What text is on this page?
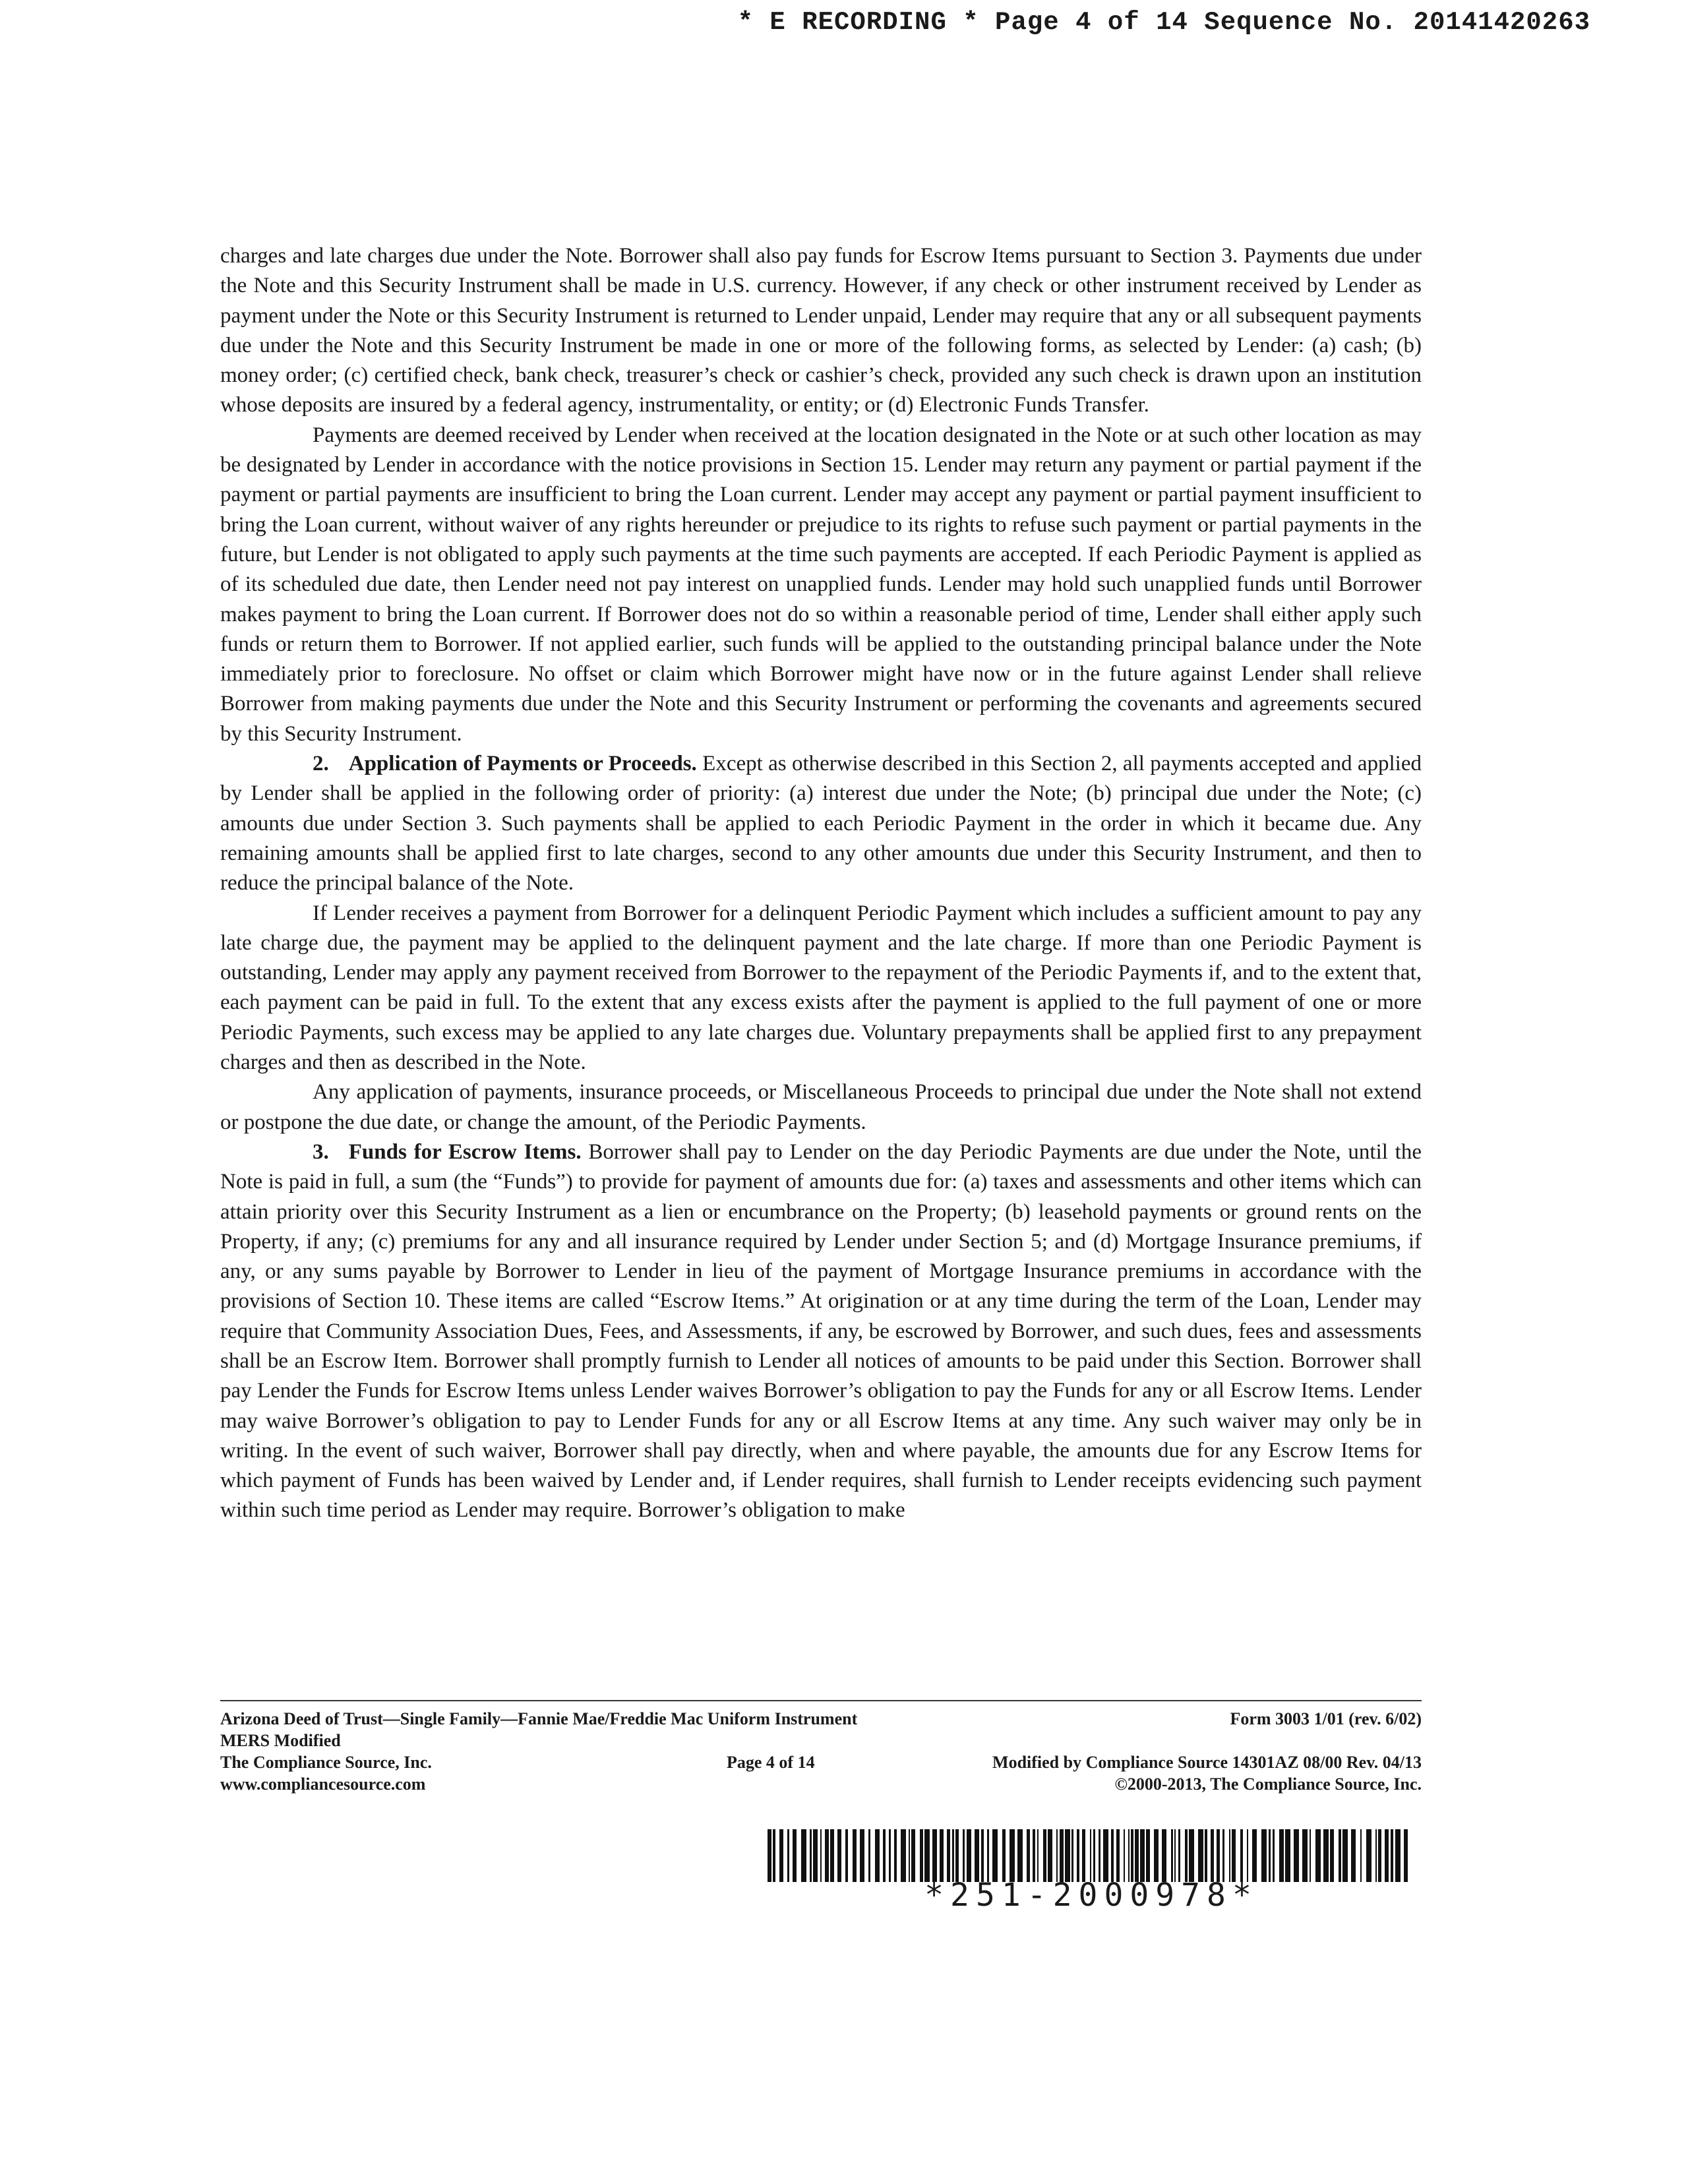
* E RECORDING * Page 4 of 14 Sequence No. 20141420263

charges and late charges due under the Note. Borrower shall also pay funds for Escrow Items pursuant to Section 3. Payments due under the Note and this Security Instrument shall be made in U.S. currency. However, if any check or other instrument received by Lender as payment under the Note or this Security Instrument is returned to Lender unpaid, Lender may require that any or all subsequent payments due under the Note and this Security Instrument be made in one or more of the following forms, as selected by Lender: (a) cash; (b) money order; (c) certified check, bank check, treasurer’s check or cashier’s check, provided any such check is drawn upon an institution whose deposits are insured by a federal agency, instrumentality, or entity; or (d) Electronic Funds Transfer.

Payments are deemed received by Lender when received at the location designated in the Note or at such other location as may be designated by Lender in accordance with the notice provisions in Section 15. Lender may return any payment or partial payment if the payment or partial payments are insufficient to bring the Loan current. Lender may accept any payment or partial payment insufficient to bring the Loan current, without waiver of any rights hereunder or prejudice to its rights to refuse such payment or partial payments in the future, but Lender is not obligated to apply such payments at the time such payments are accepted. If each Periodic Payment is applied as of its scheduled due date, then Lender need not pay interest on unapplied funds. Lender may hold such unapplied funds until Borrower makes payment to bring the Loan current. If Borrower does not do so within a reasonable period of time, Lender shall either apply such funds or return them to Borrower. If not applied earlier, such funds will be applied to the outstanding principal balance under the Note immediately prior to foreclosure. No offset or claim which Borrower might have now or in the future against Lender shall relieve Borrower from making payments due under the Note and this Security Instrument or performing the covenants and agreements secured by this Security Instrument.

2. Application of Payments or Proceeds. Except as otherwise described in this Section 2, all payments accepted and applied by Lender shall be applied in the following order of priority: (a) interest due under the Note; (b) principal due under the Note; (c) amounts due under Section 3. Such payments shall be applied to each Periodic Payment in the order in which it became due. Any remaining amounts shall be applied first to late charges, second to any other amounts due under this Security Instrument, and then to reduce the principal balance of the Note.

If Lender receives a payment from Borrower for a delinquent Periodic Payment which includes a sufficient amount to pay any late charge due, the payment may be applied to the delinquent payment and the late charge. If more than one Periodic Payment is outstanding, Lender may apply any payment received from Borrower to the repayment of the Periodic Payments if, and to the extent that, each payment can be paid in full. To the extent that any excess exists after the payment is applied to the full payment of one or more Periodic Payments, such excess may be applied to any late charges due. Voluntary prepayments shall be applied first to any prepayment charges and then as described in the Note.

Any application of payments, insurance proceeds, or Miscellaneous Proceeds to principal due under the Note shall not extend or postpone the due date, or change the amount, of the Periodic Payments.

3. Funds for Escrow Items. Borrower shall pay to Lender on the day Periodic Payments are due under the Note, until the Note is paid in full, a sum (the “Funds”) to provide for payment of amounts due for: (a) taxes and assessments and other items which can attain priority over this Security Instrument as a lien or encumbrance on the Property; (b) leasehold payments or ground rents on the Property, if any; (c) premiums for any and all insurance required by Lender under Section 5; and (d) Mortgage Insurance premiums, if any, or any sums payable by Borrower to Lender in lieu of the payment of Mortgage Insurance premiums in accordance with the provisions of Section 10. These items are called “Escrow Items.” At origination or at any time during the term of the Loan, Lender may require that Community Association Dues, Fees, and Assessments, if any, be escrowed by Borrower, and such dues, fees and assessments shall be an Escrow Item. Borrower shall promptly furnish to Lender all notices of amounts to be paid under this Section. Borrower shall pay Lender the Funds for Escrow Items unless Lender waives Borrower’s obligation to pay the Funds for any or all Escrow Items. Lender may waive Borrower’s obligation to pay to Lender Funds for any or all Escrow Items at any time. Any such waiver may only be in writing. In the event of such waiver, Borrower shall pay directly, when and where payable, the amounts due for any Escrow Items for which payment of Funds has been waived by Lender and, if Lender requires, shall furnish to Lender receipts evidencing such payment within such time period as Lender may require. Borrower’s obligation to make

Arizona Deed of Trust—Single Family—Fannie Mae/Freddie Mac Uniform Instrument	Form 3003 1/01 (rev. 6/02)
MERS Modified
The Compliance Source, Inc.
www.compliancesource.com
Page 4 of 14	Modified by Compliance Source 14301AZ 08/00 Rev. 04/13
©2000-2013, The Compliance Source, Inc.
*251-2000978*
